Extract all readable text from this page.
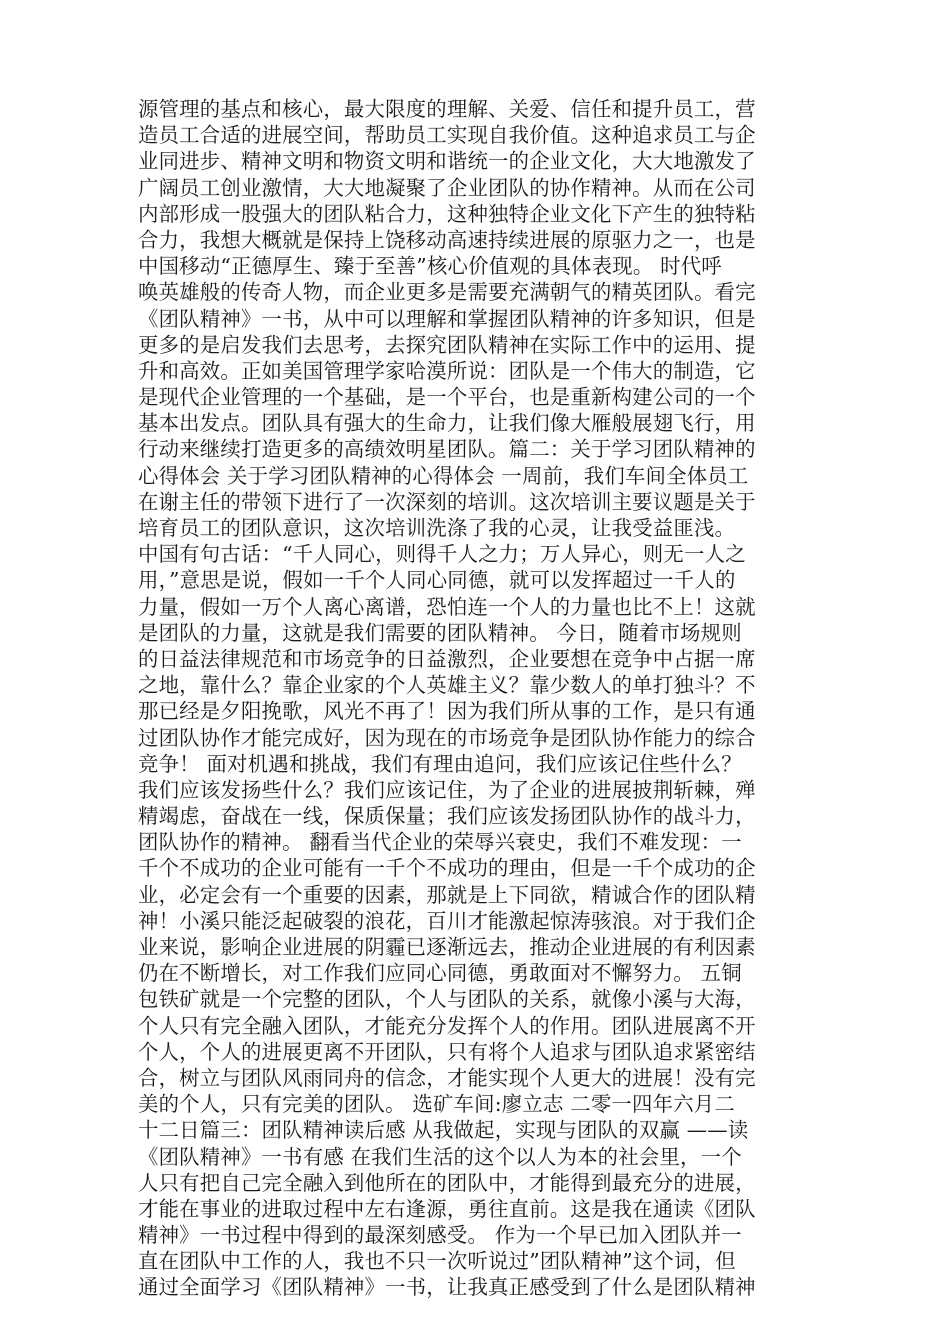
源管理的基点和核心，最大限度的理解、关爱、信任和提升员工，营
造员工合适的进展空间，帮助员工实现自我价值。这种追求员工与企
业同进步、精神文明和物资文明和谐统一的企业文化，大大地激发了
广阔员工创业激情，大大地凝聚了企业团队的协作精神。从而在公司
内部形成一股强大的团队粘合力，这种独特企业文化下产生的独特粘
合力，我想大概就是保持上饶移动高速持续进展的原驱力之一，也是
中国移动“正德厚生、臻于至善”核心价值观的具体表现。 时代呼
唤英雄般的传奇人物，而企业更多是需要充满朝气的精英团队。看完
《团队精神》一书，从中可以理解和掌握团队精神的许多知识，但是
更多的是启发我们去思考，去探究团队精神在实际工作中的运用、提
升和高效。正如美国管理学家哈漠所说：团队是一个伟大的制造，它
是现代企业管理的一个基础，是一个平台，也是重新构建公司的一个
基本出发点。团队具有强大的生命力，让我们像大雁般展翅飞行，用
行动来继续打造更多的高绩效明星团队。篇二：关于学习团队精神的
心得体会 关于学习团队精神的心得体会 一周前，我们车间全体员工
在谢主任的带领下进行了一次深刻的培训。这次培训主要议题是关于
培育员工的团队意识，这次培训洗涤了我的心灵，让我受益匪浅。
中国有句古话：“千人同心，则得千人之力；万人异心，则无一人之
用，”意思是说，假如一千个人同心同德，就可以发挥超过一千人的
力量，假如一万个人离心离谱，恐怕连一个人的力量也比不上！这就
是团队的力量，这就是我们需要的团队精神。 今日，随着市场规则
的日益法律规范和市场竞争的日益激烈，企业要想在竞争中占据一席
之地，靠什么？靠企业家的个人英雄主义？靠少数人的单打独斗？不
那已经是夕阳挽歌，风光不再了！因为我们所从事的工作，是只有通
过团队协作才能完成好，因为现在的市场竞争是团队协作能力的综合
竞争！ 面对机遇和挑战，我们有理由追问，我们应该记住些什么？
我们应该发扬些什么？我们应该记住，为了企业的进展披荆斩棘，殚
精竭虑，奋战在一线，保质保量；我们应该发扬团队协作的战斗力，
团队协作的精神。 翻看当代企业的荣辱兴衰史，我们不难发现：一
千个不成功的企业可能有一千个不成功的理由，但是一千个成功的企
业，必定会有一个重要的因素，那就是上下同欲，精诚合作的团队精
神！小溪只能泛起破裂的浪花，百川才能激起惊涛骇浪。对于我们企
业来说，影响企业进展的阴霾已逐渐远去，推动企业进展的有利因素
仍在不断增长，对工作我们应同心同德，勇敢面对不懈努力。 五铜
包铁矿就是一个完整的团队，个人与团队的关系，就像小溪与大海，
个人只有完全融入团队，才能充分发挥个人的作用。团队进展离不开
个人，个人的进展更离不开团队，只有将个人追求与团队追求紧密结
合，树立与团队风雨同舟的信念，才能实现个人更大的进展！没有完
美的个人，只有完美的团队。 选矿车间:廖立志 二零一四年六月二
十二日篇三：团队精神读后感 从我做起，实现与团队的双赢 ——读
《团队精神》一书有感 在我们生活的这个以人为本的社会里，一个
人只有把自己完全融入到他所在的团队中，才能得到最充分的进展，
才能在事业的进取过程中左右逢源，勇往直前。这是我在通读《团队
精神》一书过程中得到的最深刻感受。 作为一个早已加入团队并一
直在团队中工作的人，我也不只一次听说过”团队精神”这个词，但
通过全面学习《团队精神》一书，让我真正感受到了什么是团队精神
